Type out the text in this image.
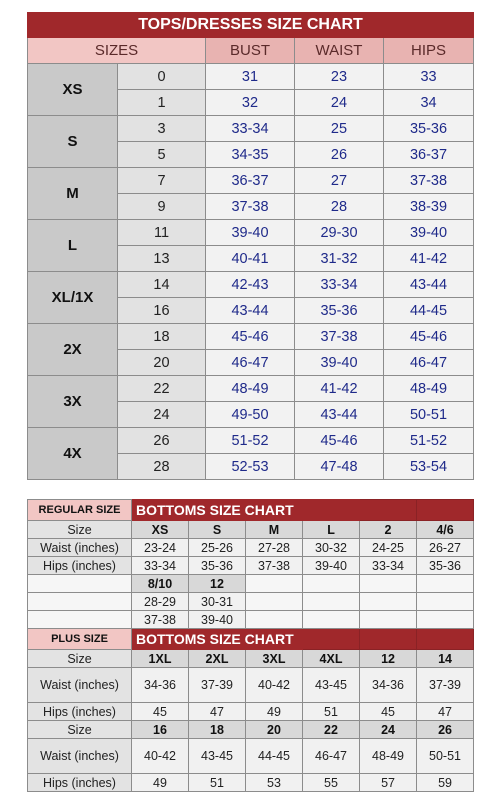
TOPS/DRESSES SIZE CHART				
SIZES		BUST	WAIST	HIPS
XS	0	31	23	33
	1	32	24	34
S	3	33-34	25	35-36
	5	34-35	26	36-37
M	7	36-37	27	37-38
	9	37-38	28	38-39
L	11	39-40	29-30	39-40
	13	40-41	31-32	41-42
XL/1X	14	42-43	33-34	43-44
	16	43-44	35-36	44-45
2X	18	45-46	37-38	45-46
	20	46-47	39-40	46-47
3X	22	48-49	41-42	48-49
	24	49-50	43-44	50-51
4X	26	51-52	45-46	51-52
	28	52-53	47-48	53-54
REGULAR SIZE	BOTTOMS SIZE CHART					
Size	XS	S	M	L	2	4/6
Waist (inches)	23-24	25-26	27-28	30-32	24-25	26-27
Hips (inches)	33-34	35-36	37-38	39-40	33-34	35-36
	8/10	12				
	28-29	30-31				
	37-38	39-40				
PLUS SIZE	BOTTOMS SIZE CHART					
Size	1XL	2XL	3XL	4XL	12	14
Waist (inches)	34-36	37-39	40-42	43-45	34-36	37-39
Hips (inches)	45	47	49	51	45	47
Size	16	18	20	22	24	26
Waist (inches)	40-42	43-45	44-45	46-47	48-49	50-51
Hips (inches)	49	51	53	55	57	59
